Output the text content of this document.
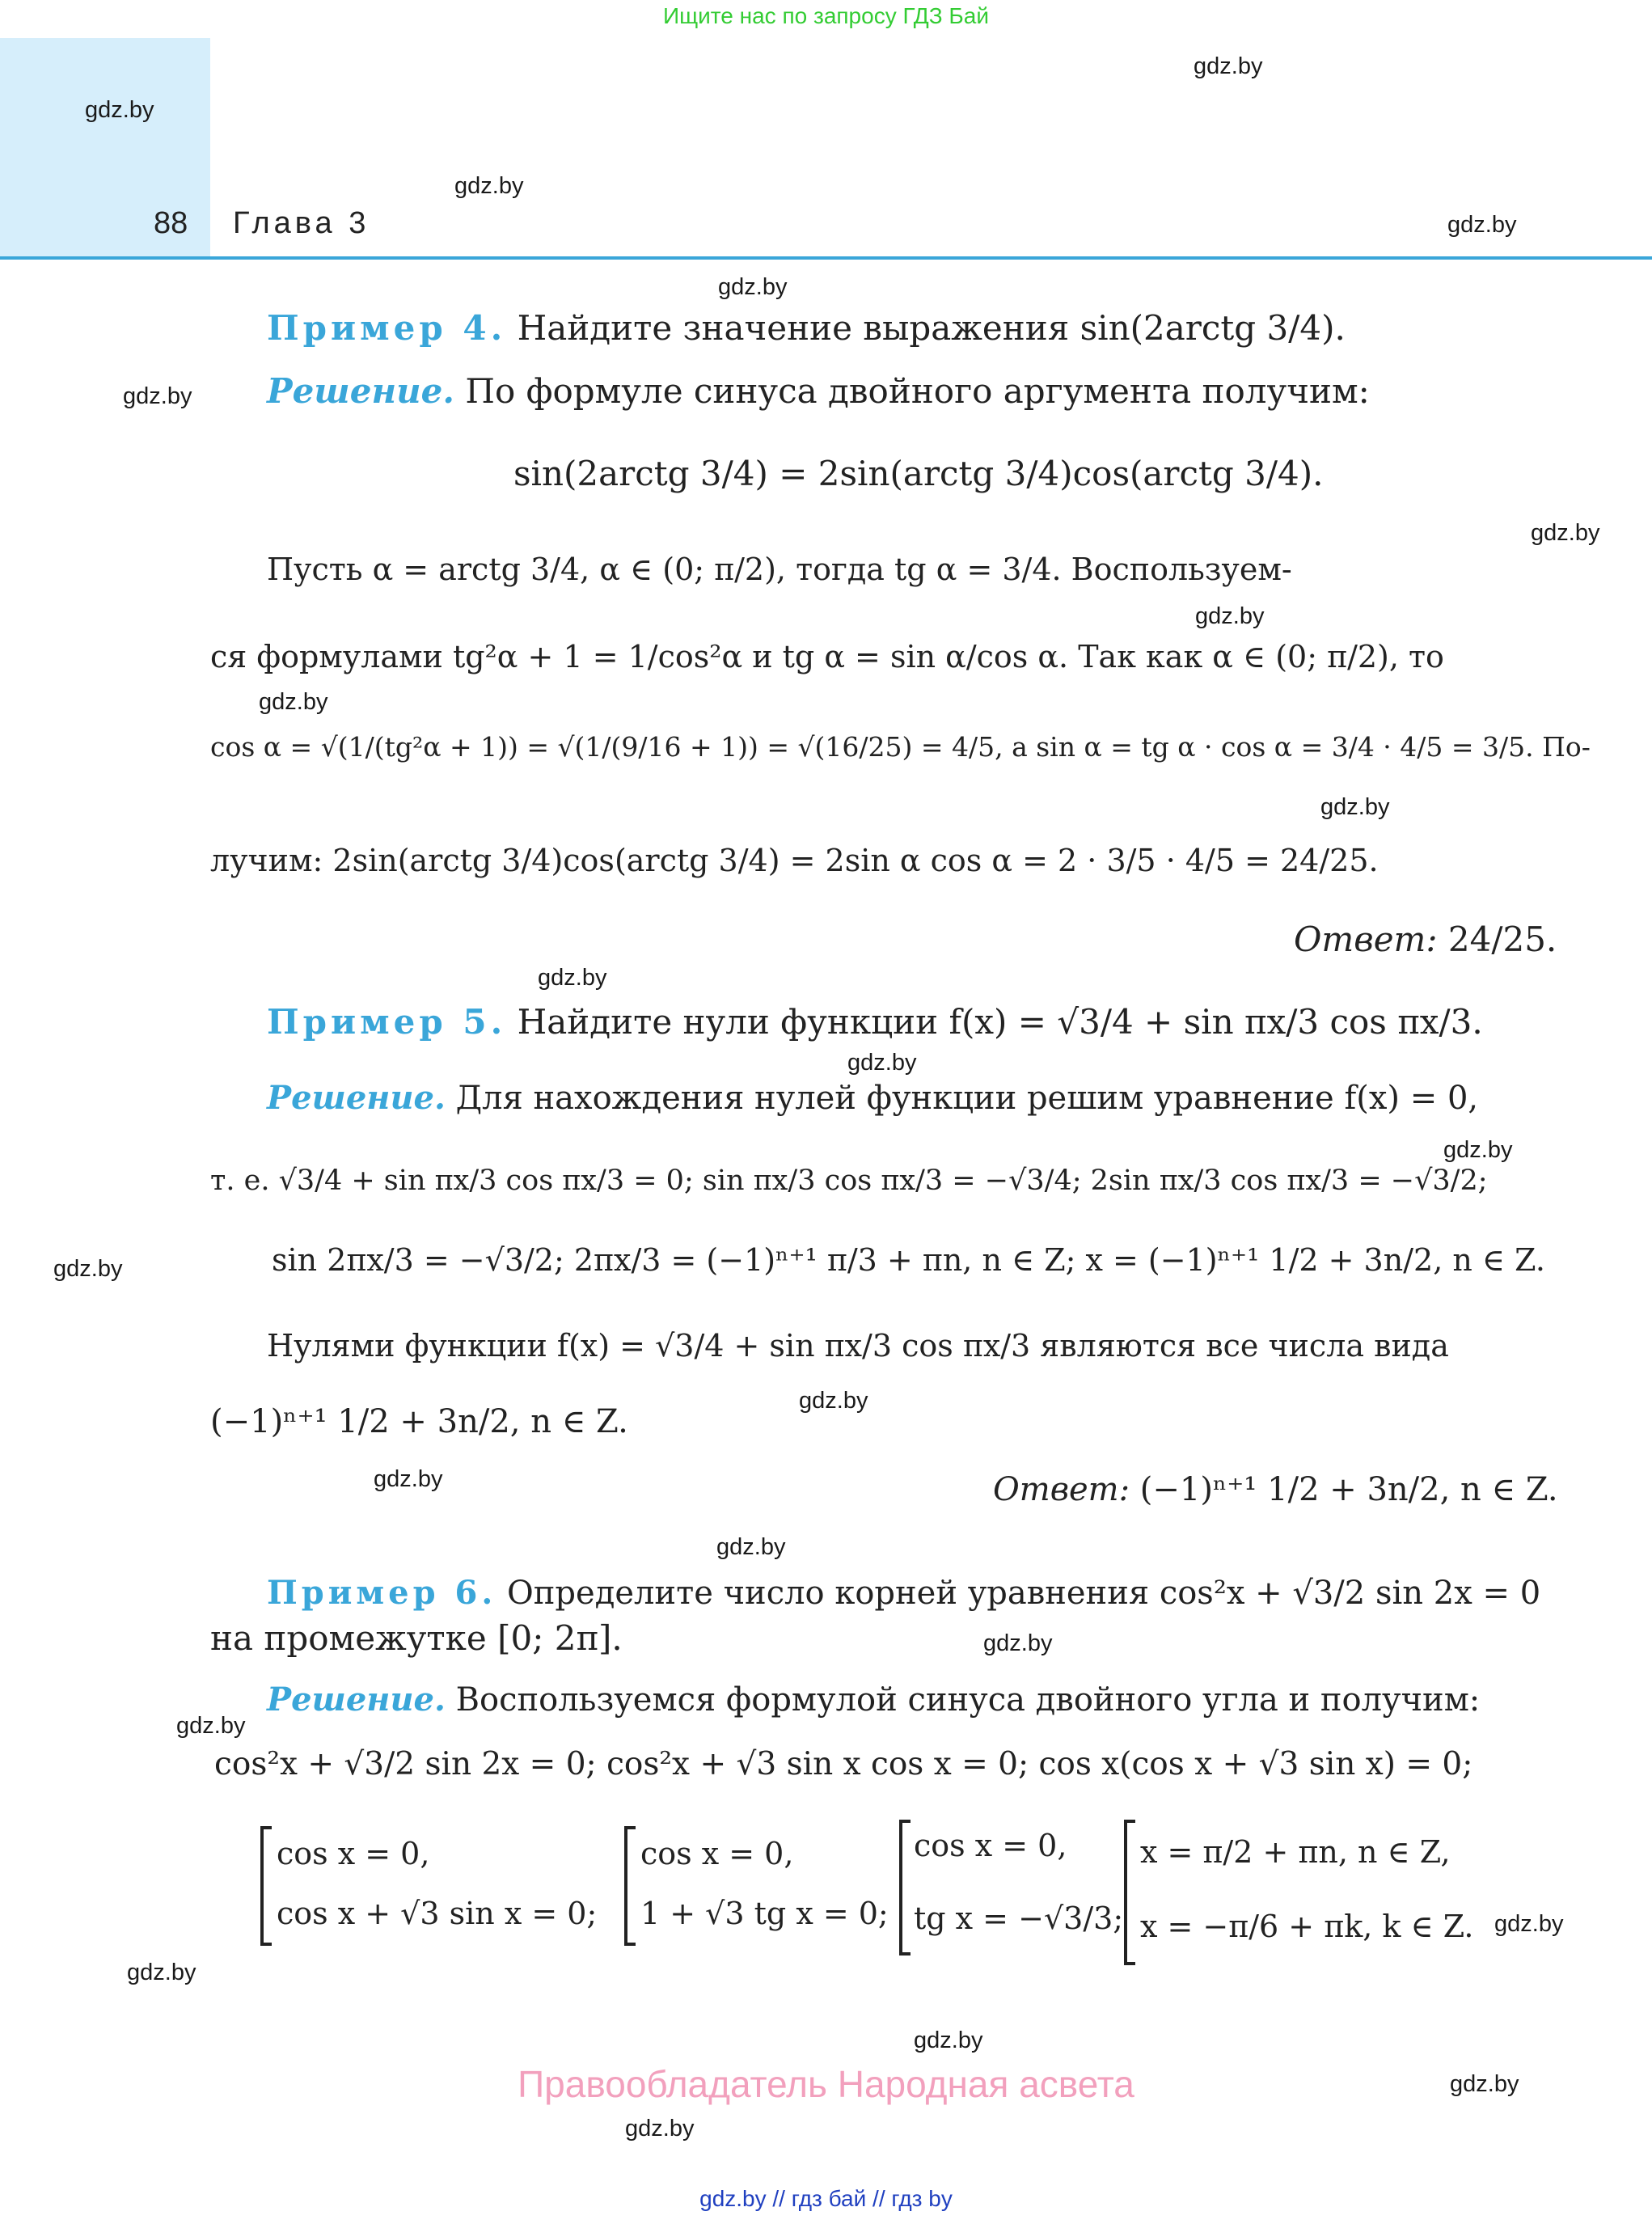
Ищите нас по запросу ГДЗ Бай
88 Глава 3
gdz.by
gdz.by
gdz.by
gdz.by
gdz.by
gdz.by
gdz.by
gdz.by
gdz.by
gdz.by
gdz.by
gdz.by
gdz.by
gdz.by
gdz.by
gdz.by
gdz.by
gdz.by
gdz.by
gdz.by
gdz.by
gdz.by
gdz.by
gdz.by
Пример 4. Найдите значение выражения sin(2arctg 3/4).
Решение. По формуле синуса двойного аргумента получим:
sin(2arctg 3/4) = 2sin(arctg 3/4)cos(arctg 3/4).
Пусть α = arctg 3/4, α ∈ (0; π/2), тогда tg α = 3/4. Воспользуем-
ся формулами tg²α + 1 = 1/cos²α и tg α = sin α/cos α. Так как α ∈ (0; π/2), то
cos α = √(1/(tg²α + 1)) = √(1/(9/16 + 1)) = √(16/25) = 4/5, а sin α = tg α · cos α = 3/4 · 4/5 = 3/5. По-
лучим: 2sin(arctg 3/4)cos(arctg 3/4) = 2sin α cos α = 2 · 3/5 · 4/5 = 24/25.
Ответ: 24/25.
Пример 5. Найдите нули функции f(x) = √3/4 + sin πx/3 cos πx/3.
Решение. Для нахождения нулей функции решим уравнение f(x) = 0,
т. е. √3/4 + sin πx/3 cos πx/3 = 0; sin πx/3 cos πx/3 = −√3/4; 2sin πx/3 cos πx/3 = −√3/2;
sin 2πx/3 = −√3/2; 2πx/3 = (−1)ⁿ⁺¹ π/3 + πn, n ∈ Z; x = (−1)ⁿ⁺¹ 1/2 + 3n/2, n ∈ Z.
Нулями функции f(x) = √3/4 + sin πx/3 cos πx/3 являются все числа вида
(−1)ⁿ⁺¹ 1/2 + 3n/2, n ∈ Z.
Ответ: (−1)ⁿ⁺¹ 1/2 + 3n/2, n ∈ Z.
Пример 6. Определите число корней уравнения cos²x + √3/2 sin 2x = 0
на промежутке [0; 2π].
Решение. Воспользуемся формулой синуса двойного угла и получим:
cos²x + √3/2 sin 2x = 0; cos²x + √3 sin x cos x = 0; cos x(cos x + √3 sin x) = 0;
cos x = 0,
cos x + √3 sin x = 0;
cos x = 0,
1 + √3 tg x = 0;
cos x = 0,
tg x = −√3/3;
x = π/2 + πn, n ∈ Z,
x = −π/6 + πk, k ∈ Z.
Правообладатель Народная асвета
gdz.by // гдз бай // гдз by
